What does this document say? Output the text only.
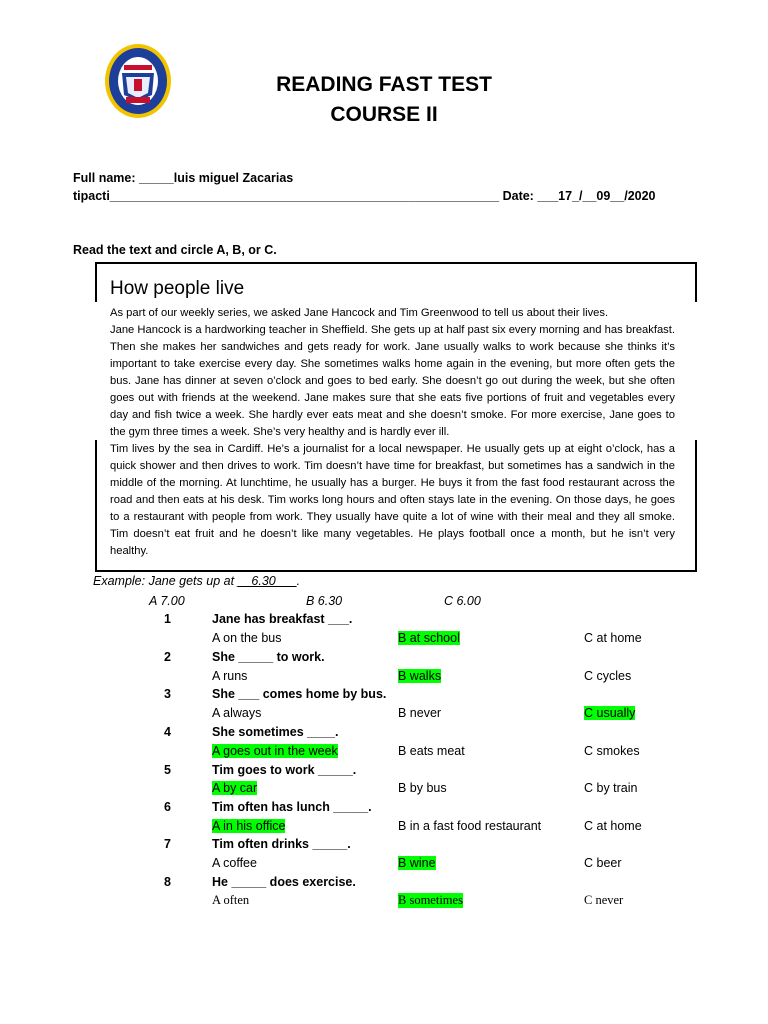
READING FAST TEST
COURSE II
Full name: _____luis miguel Zacarias
tipacti________________________________________________________ Date: ___17_/__09__/2020
Read the text and circle A, B, or C.
How people live
As part of our weekly series, we asked Jane Hancock and Tim Greenwood to tell us about their lives.
Jane Hancock is a hardworking teacher in Sheffield. She gets up at half past six every morning and has breakfast. Then she makes her sandwiches and gets ready for work. Jane usually walks to work because she thinks it’s important to take exercise every day. She sometimes walks home again in the evening, but more often gets the bus. Jane has dinner at seven o’clock and goes to bed early. She doesn’t go out during the week, but she often goes out with friends at the weekend. Jane makes sure that she eats five portions of fruit and vegetables every day and fish twice a week. She hardly ever eats meat and she doesn’t smoke. For more exercise, Jane goes to the gym three times a week. She’s very healthy and is hardly ever ill.
Tim lives by the sea in Cardiff. He’s a journalist for a local newspaper. He usually gets up at eight o’clock, has a quick shower and then drives to work. Tim doesn’t have time for breakfast, but sometimes has a sandwich in the middle of the morning. At lunchtime, he usually has a burger. He buys it from the fast food restaurant across the road and then eats at his desk. Tim works long hours and often stays late in the evening. On those days, he goes to a restaurant with people from work. They usually have quite a lot of wine with their meal and they all smoke. Tim doesn’t eat fruit and he doesn’t like many vegetables. He plays football once a month, but he isn’t very healthy.
Example: Jane gets up at __6.30___.
A 7.00	B 6.30	C 6.00
1	Jane has breakfast ___.
A on the bus	B at school	C at home
2	She _____ to work.
A runs	B walks	C cycles
3	She ___ comes home by bus.
A always	B never	C usually
4	She sometimes ____.
A goes out in the week	B eats meat	C smokes
5	Tim goes to work _____.
A by car	B by bus	C by train
6	Tim often has lunch _____.
A in his office	B in a fast food restaurant	C at home
7	Tim often drinks _____.
A coffee	B wine	C beer
8	He _____ does exercise.
A often	B sometimes	C never
